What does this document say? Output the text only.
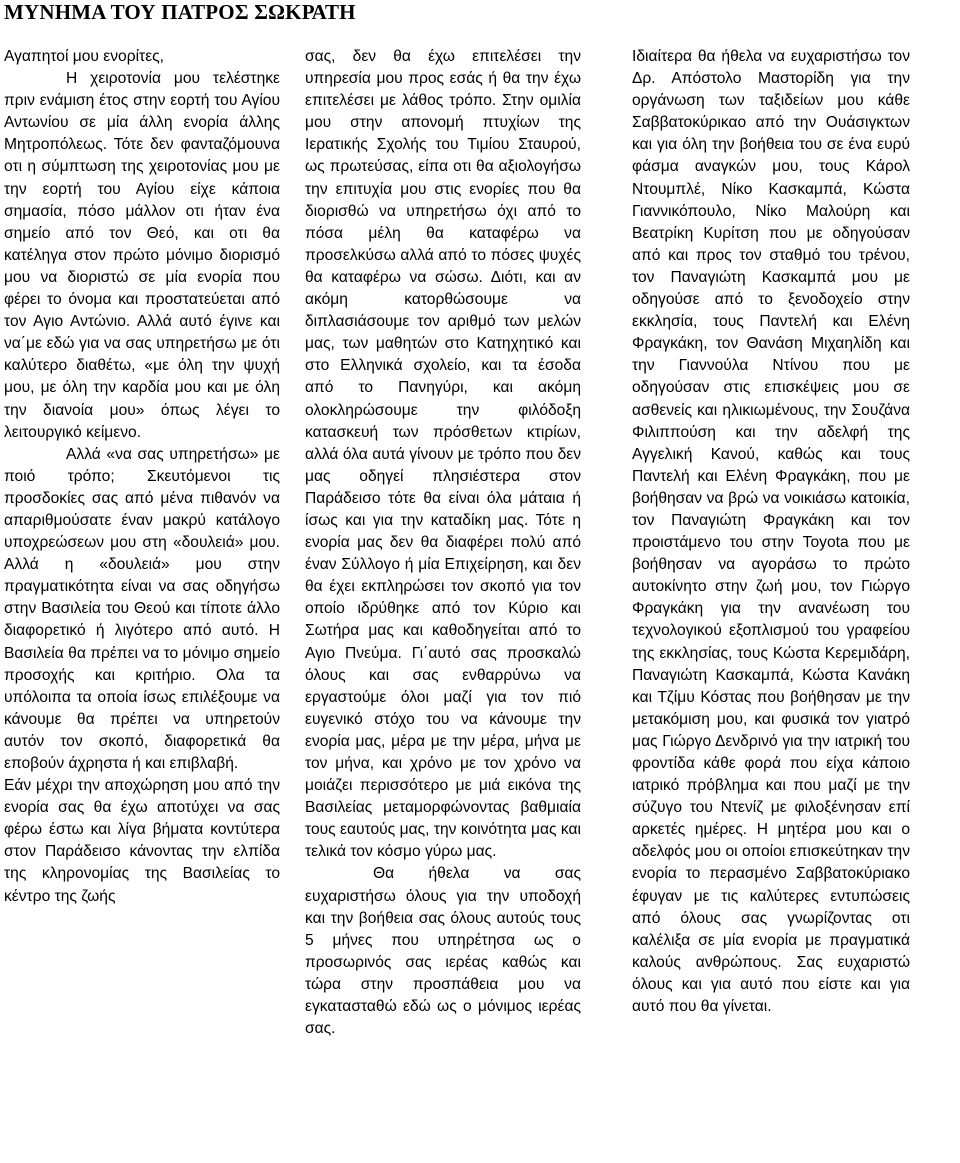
ΜΥΝΗΜΑ ΤΟΥ ΠΑΤΡΟΣ ΣΩΚΡΑΤΗ

Αγαπητοί μου ενορίτες,

Η χειροτονία μου τελέστηκε πριν ενάμιση έτος στην εορτή του Αγίου Αντωνίου σε μία άλλη ενορία άλλης Μητροπόλεως. Τότε δεν φανταζόμουνα οτι η σύμπτωση της χειροτονίας μου με την εορτή του Αγίου είχε κάποια σημασία, πόσο μάλλον οτι ήταν ένα σημείο από τον Θεό, και οτι θα κατέληγα στον πρώτο μόνιμο διορισμό μου να διοριστώ σε μία ενορία που φέρει το όνομα και προστατεύεται από τον Αγιο Αντώνιο. Αλλά αυτό έγινε και να΄με εδώ για να σας υπηρετήσω με ότι καλύτερο διαθέτω, «με όλη την ψυχή μου, με όλη την καρδία μου και με όλη την διανοία μου» όπως λέγει το λειτουργικό κείμενο.

Αλλά «να σας υπηρετήσω» με ποιό τρόπο; Σκευτόμενοι τις προσδοκίες σας από μένα πιθανόν να απαριθμούσατε έναν μακρύ κατάλογο υποχρεώσεων μου στη «δουλειά» μου. Αλλά η «δουλειά» μου στην πραγματικότητα είναι να σας οδηγήσω στην Βασιλεία του Θεού και τίποτε άλλο διαφορετικό ή λιγότερο από αυτό. Η Βασιλεία θα πρέπει να το μόνιμο σημείο προσοχής και κριτήριο. Ολα τα υπόλοιπα τα οποία ίσως επιλέξουμε να κάνουμε θα πρέπει να υπηρετούν αυτόν τον σκοπό, διαφορετικά θα εποβούν άχρηστα ή και επιβλαβή.

Εάν μέχρι την αποχώρηση μου από την ενορία σας θα έχω αποτύχει να σας φέρω έστω και λίγα βήματα κοντύτερα στον Παράδεισο κάνοντας την ελπίδα της κληρονομίας της Βασιλείας το κέντρο της ζωής

σας, δεν θα έχω επιτελέσει την υπηρεσία μου προς εσάς ή θα την έχω επιτελέσει με λάθος τρόπο. Στην ομιλία μου στην απονομή πτυχίων της Ιερατικής Σχολής του Τιμίου Σταυρού, ως πρωτεύσας, είπα οτι θα αξιολογήσω την επιτυχία μου στις ενορίες που θα διορισθώ να υπηρετήσω όχι από το πόσα μέλη θα καταφέρω να προσελκύσω αλλά από το πόσες ψυχές θα καταφέρω να σώσω. Διότι, και αν ακόμη κατορθώσουμε να διπλασιάσουμε τον αριθμό των μελών μας, των μαθητών στο Κατηχητικό και στο Ελληνικά σχολείο, και τα έσοδα από το Πανηγύρι, και ακόμη ολοκληρώσουμε την φιλόδοξη κατασκευή των πρόσθετων κτιρίων, αλλά όλα αυτά γίνουν με τρόπο που δεν μας οδηγεί πλησιέστερα στον Παράδεισο τότε θα είναι όλα μάταια ή ίσως και για την καταδίκη μας. Τότε η ενορία μας δεν θα διαφέρει πολύ από έναν Σύλλογο ή μία Επιχείρηση, και δεν θα έχει εκπληρώσει τον σκοπό για τον οποίο ιδρύθηκε από τον Κύριο και Σωτήρα μας και καθοδηγείται από το Αγιο Πνεύμα. Γι΄αυτό σας προσκαλώ όλους και σας ενθαρρύνω να εργαστούμε όλοι μαζί για τον πιό ευγενικό στόχο του να κάνουμε την ενορία μας, μέρα με την μέρα, μήνα με τον μήνα, και χρόνο με τον χρόνο να μοιάζει περισσότερο με μιά εικόνα της Βασιλείας μεταμορφώνοντας βαθμιαία τους εαυτούς μας, την κοινότητα μας και τελικά τον κόσμο γύρω μας.

Θα ήθελα να σας ευχαριστήσω όλους για την υποδοχή και την βοήθεια σας όλους αυτούς τους 5 μήνες που υπηρέτησα ως ο προσωρινός σας ιερέας καθώς και τώρα στην προσπάθεια μου να εγκατασταθώ εδώ ως ο μόνιμος ιερέας σας.

Ιδιαίτερα θα ήθελα να ευχαριστήσω τον Δρ. Απόστολο Μαστορίδη για την οργάνωση των ταξιδείων μου κάθε Σαββατοκύρικαο από την Ουάσιγκτων και για όλη την βοήθεια του σε ένα ευρύ φάσμα αναγκών μου, τους Κάρολ Ντουμπλέ, Νίκο Κασκαμπά, Κώστα Γιαννικόπουλο, Νίκο Μαλούρη και Βεατρίκη Κυρίτση που με οδηγούσαν από και προς τον σταθμό του τρένου, τον Παναγιώτη Κασκαμπά μου με οδηγούσε από το ξενοδοχείο στην εκκλησία, τους Παντελή και Ελένη Φραγκάκη, τον Θανάση Μιχαηλίδη και την Γιαννούλα Ντίνου που με οδηγούσαν στις επισκέψεις μου σε ασθενείς και ηλικιωμένους, την Σουζάνα Φιλιππούση και την αδελφή της Αγγελική Κανού, καθώς και τους Παντελή και Ελένη Φραγκάκη, που με βοήθησαν να βρώ να νοικιάσω κατοικία, τον Παναγιώτη Φραγκάκη και τον προιστάμενο του στην Toyota που με βοήθησαν να αγοράσω το πρώτο αυτοκίνητο στην ζωή μου, τον Γιώργο Φραγκάκη για την ανανέωση του τεχνολογικού εξοπλισμού του γραφείου της εκκλησίας, τους Κώστα Κερεμιδάρη, Παναγιώτη Κασκαμπά, Κώστα Κανάκη και Τζίμυ Κόστας που βοήθησαν με την μετακόμιση μου, και φυσικά τον γιατρό μας Γιώργο Δενδρινό για την ιατρική του φροντίδα κάθε φορά που είχα κάποιο ιατρικό πρόβλημα και που μαζί με την σύζυγο του Ντενίζ με φιλοξένησαν επί αρκετές ημέρες. Η μητέρα μου και ο αδελφός μου οι οποίοι επισκεύτηκαν την ενορία το περασμένο Σαββατοκύριακο έφυγαν με τις καλύτερες εντυπώσεις από όλους σας γνωρίζοντας οτι καλέλιξα σε μία ενορία με πραγματικά καλούς ανθρώπους. Σας ευχαριστώ όλους και για αυτό που είστε και για αυτό που θα γίνεται.
